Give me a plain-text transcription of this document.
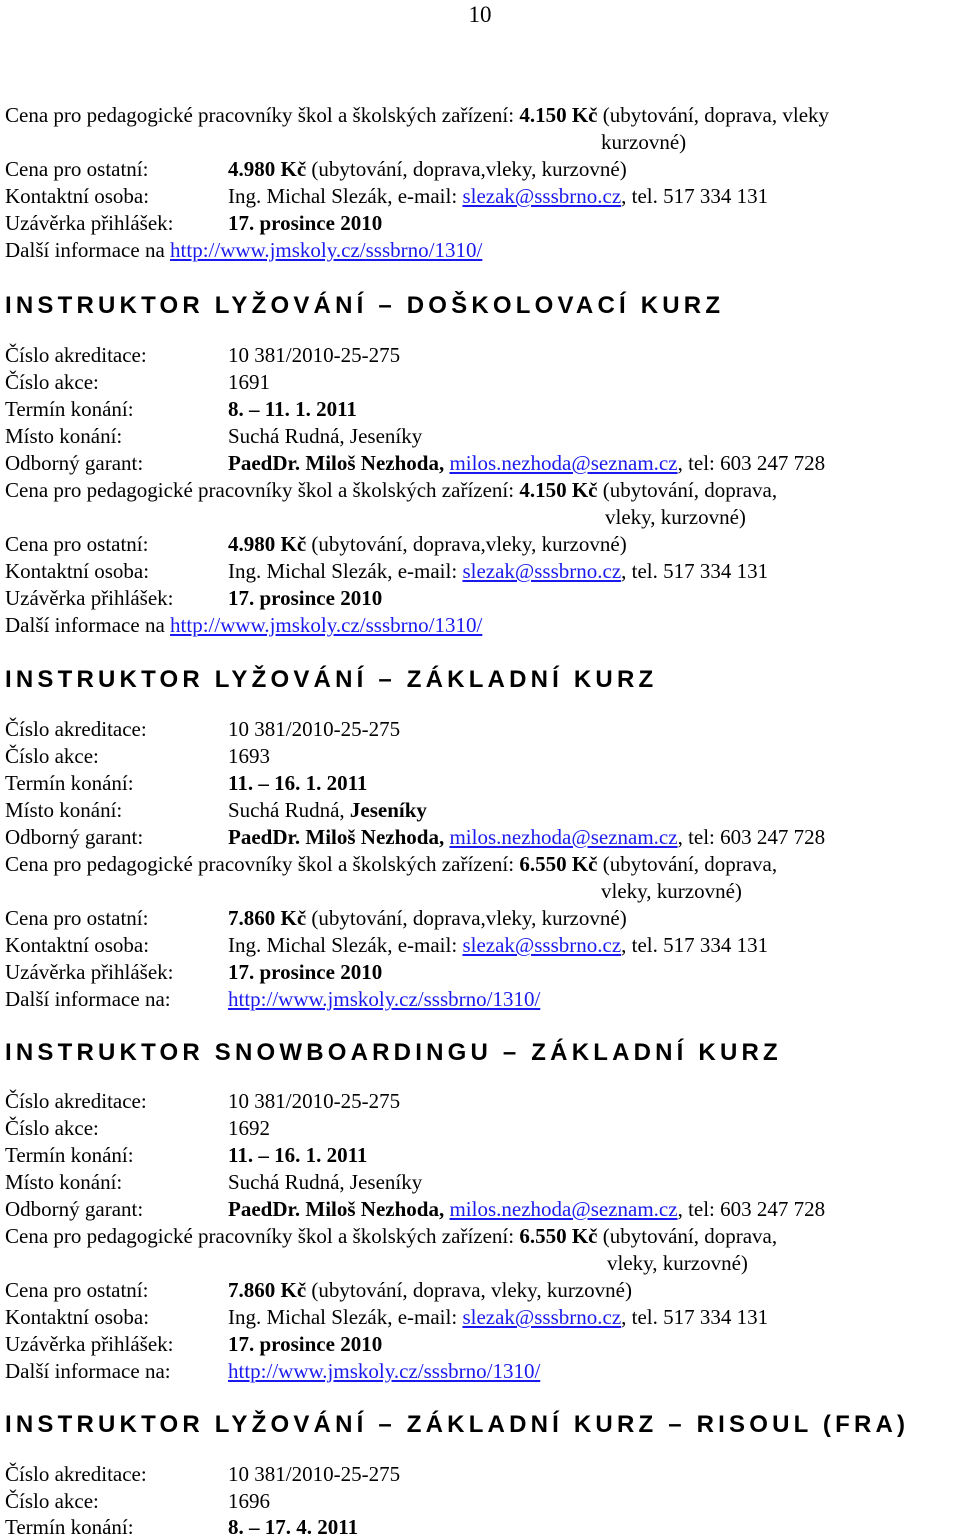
10
Cena pro pedagogické pracovníky škol a školských zařízení: 4.150 Kč (ubytování, doprava, vleky
kurzovné)
Cena pro ostatní:	4.980 Kč (ubytování, doprava,vleky, kurzovné)
Kontaktní osoba:	Ing. Michal Slezák, e-mail: slezak@sssbrno.cz, tel. 517 334 131
Uzávěrka přihlášek:	17. prosince 2010
Další informace na http://www.jmskoly.cz/sssbrno/1310/
INSTRUKTOR LYŽOVÁNÍ – DOŠKOLOVACÍ KURZ
Číslo akreditace:	10 381/2010-25-275
Číslo akce:	1691
Termín konání:	8. – 11. 1. 2011
Místo konání:	Suchá Rudná, Jeseníky
Odborný garant:	PaedDr. Miloš Nezhoda, milos.nezhoda@seznam.cz, tel: 603 247 728
Cena pro pedagogické pracovníky škol a školských zařízení: 4.150 Kč (ubytování, doprava,
vleky, kurzovné)
Cena pro ostatní:	4.980 Kč (ubytování, doprava,vleky, kurzovné)
Kontaktní osoba:	Ing. Michal Slezák, e-mail: slezak@sssbrno.cz, tel. 517 334 131
Uzávěrka přihlášek:	17. prosince 2010
Další informace na http://www.jmskoly.cz/sssbrno/1310/
INSTRUKTOR LYŽOVÁNÍ – ZÁKLADNÍ KURZ
Číslo akreditace:	10 381/2010-25-275
Číslo akce:	1693
Termín konání:	11. – 16. 1. 2011
Místo konání:	Suchá Rudná, Jeseníky
Odborný garant:	PaedDr. Miloš Nezhoda, milos.nezhoda@seznam.cz, tel: 603 247 728
Cena pro pedagogické pracovníky škol a školských zařízení: 6.550 Kč (ubytování, doprava,
vleky, kurzovné)
Cena pro ostatní:	7.860 Kč (ubytování, doprava,vleky, kurzovné)
Kontaktní osoba:	Ing. Michal Slezák, e-mail: slezak@sssbrno.cz, tel. 517 334 131
Uzávěrka přihlášek:	17. prosince 2010
Další informace na:	http://www.jmskoly.cz/sssbrno/1310/
INSTRUKTOR SNOWBOARDINGU – ZÁKLADNÍ KURZ
Číslo akreditace:	10 381/2010-25-275
Číslo akce:	1692
Termín konání:	11. – 16. 1. 2011
Místo konání:	Suchá Rudná, Jeseníky
Odborný garant:	PaedDr. Miloš Nezhoda, milos.nezhoda@seznam.cz, tel: 603 247 728
Cena pro pedagogické pracovníky škol a školských zařízení: 6.550 Kč (ubytování, doprava,
vleky, kurzovné)
Cena pro ostatní:	7.860 Kč (ubytování, doprava, vleky, kurzovné)
Kontaktní osoba:	Ing. Michal Slezák, e-mail: slezak@sssbrno.cz, tel. 517 334 131
Uzávěrka přihlášek:	17. prosince 2010
Další informace na:	http://www.jmskoly.cz/sssbrno/1310/
INSTRUKTOR LYŽOVÁNÍ – ZÁKLADNÍ KURZ – RISOUL (FRA)
Číslo akreditace:	10 381/2010-25-275
Číslo akce:	1696
Termín konání:	8. – 17. 4. 2011
